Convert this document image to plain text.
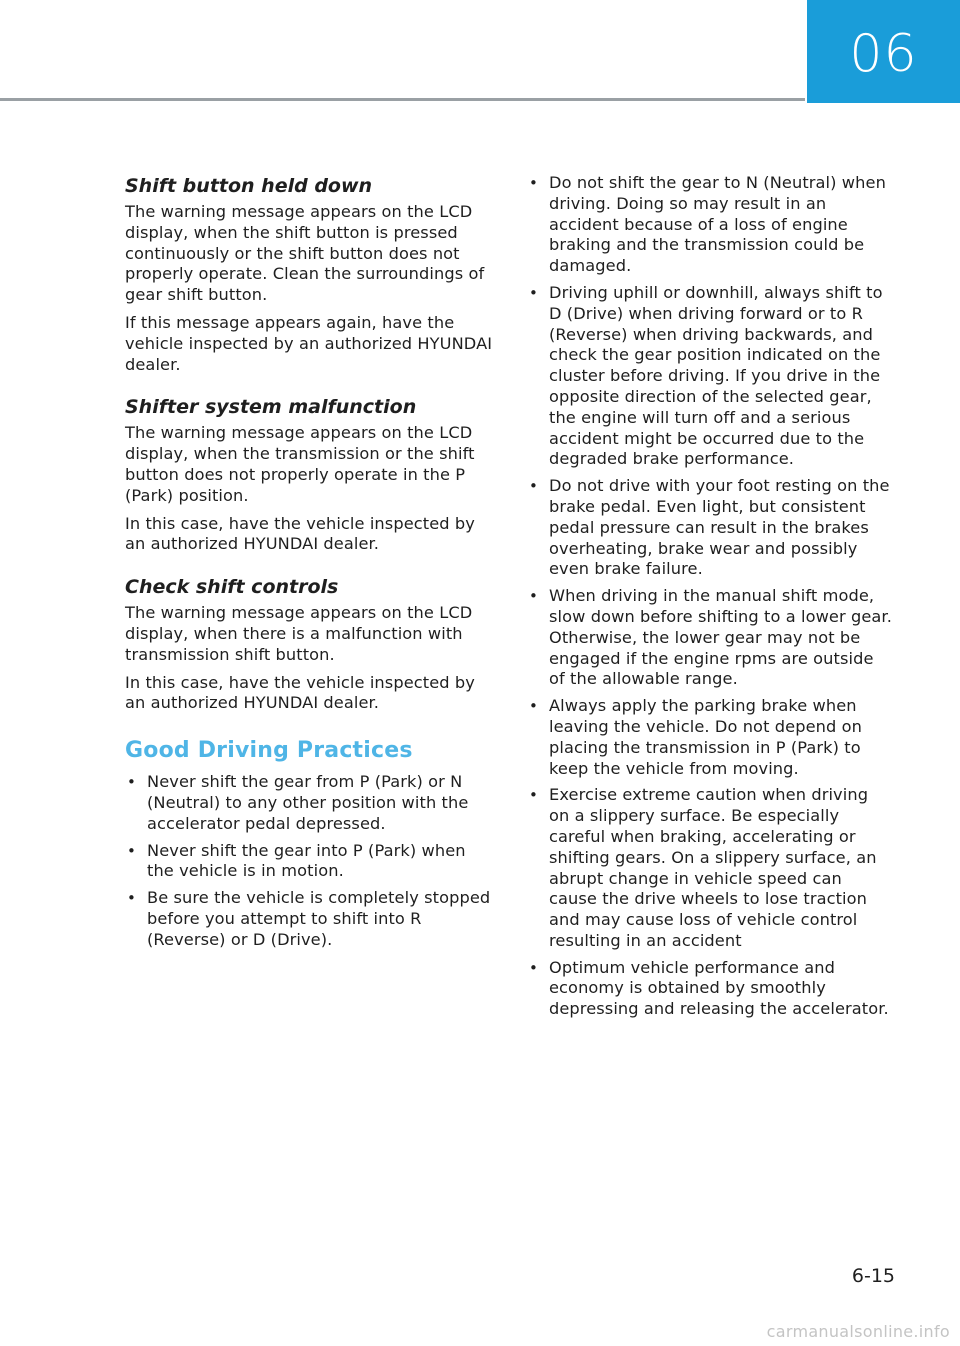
06
Shift button held down

The warning message appears on the LCD display, when the shift button is pressed continuously or the shift button does not properly operate. Clean the surroundings of gear shift button.

If this message appears again, have the vehicle inspected by an authorized HYUNDAI dealer.

Shifter system malfunction

The warning message appears on the LCD display, when the transmission or the shift button does not properly operate in the P (Park) position.

In this case, have the vehicle inspected by an authorized HYUNDAI dealer.

Check shift controls

The warning message appears on the LCD display, when there is a malfunction with transmission shift button.

In this case, have the vehicle inspected by an authorized HYUNDAI dealer.

Good Driving Practices
• Never shift the gear from P (Park) or N (Neutral) to any other position with the accelerator pedal depressed.
• Never shift the gear into P (Park) when the vehicle is in motion.
• Be sure the vehicle is completely stopped before you attempt to shift into R (Reverse) or D (Drive).
• Do not shift the gear to N (Neutral) when driving. Doing so may result in an accident because of a loss of engine braking and the transmission could be damaged.
• Driving uphill or downhill, always shift to D (Drive) when driving forward or to R (Reverse) when driving backwards, and check the gear position indicated on the cluster before driving. If you drive in the opposite direction of the selected gear, the engine will turn off and a serious accident might be occurred due to the degraded brake performance.
• Do not drive with your foot resting on the brake pedal. Even light, but consistent pedal pressure can result in the brakes overheating, brake wear and possibly even brake failure.
• When driving in the manual shift mode, slow down before shifting to a lower gear. Otherwise, the lower gear may not be engaged if the engine rpms are outside of the allowable range.
• Always apply the parking brake when leaving the vehicle. Do not depend on placing the transmission in P (Park) to keep the vehicle from moving.
• Exercise extreme caution when driving on a slippery surface. Be especially careful when braking, accelerating or shifting gears. On a slippery surface, an abrupt change in vehicle speed can cause the drive wheels to lose traction and may cause loss of vehicle control resulting in an accident
• Optimum vehicle performance and economy is obtained by smoothly depressing and releasing the accelerator.
6-15
carmanualsonline.info
